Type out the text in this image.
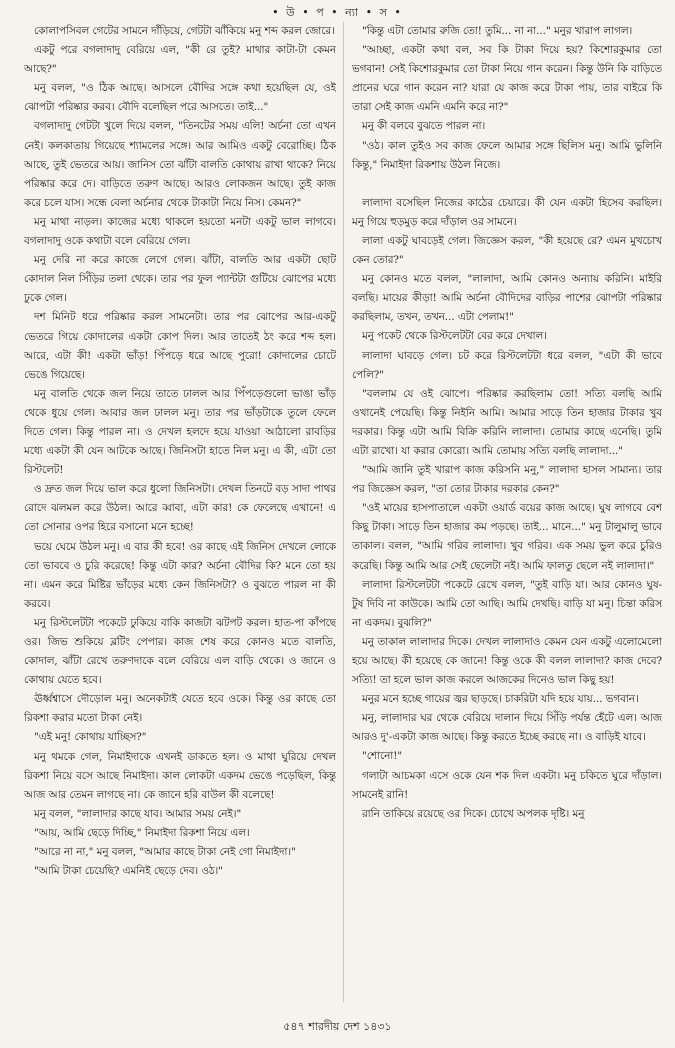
• উ • প • ন্যা • স •

কোলাপসিবল গেটের সামনে দাঁড়িয়ে, গেটটা ঝাঁকিয়ে মনু শব্দ করল জোরে।

একটু পরে বগলাদাদু বেরিয়ে এল, "কী রে তুই? মাথার কাটা-টা কেমন আছে?"

মনু বলল, "ও ঠিক আছে। আসলে বৌদির সঙ্গে কথা হয়েছিল যে, ওই ঝোপটা পরিষ্কার করব। বৌদি বলেছিল পরে আসতে। তাই..."

বগলাদাদু গেটটা খুলে দিয়ে বলল, "তিনটের সময় এলি! অর্চনা তো এখন নেই। কলকাতায় গিয়েছে শ্যামলের সঙ্গে। আর আমিও একটু বেরোচ্ছি। ঠিক আছে, তুই ভেতরে আয়। জানিস তো ঝাঁটা বালতি কোথায় রাখা থাকে? নিয়ে পরিষ্কার করে দে। বাড়িতে তরুণ আছে। আরও লোকজন আছে। তুই কাজ করে চলে যাস। সন্ধে বেলা অর্চনার থেকে টাকাটা নিয়ে নিস। কেমন?"

মনু মাথা নাড়ল। কাজের মধ্যে থাকলে হয়তো মনটা একটু ভাল লাগবে। বগলাদাদু ওকে কথাটা বলে বেরিয়ে গেল।

মনু দেরি না করে কাজে লেগে গেল। ঝাঁটা, বালতি আর একটা ছোট কোদাল নিল সিঁড়ির তলা থেকে। তার পর ফুল প্যান্টটা গুটিয়ে ঝোপের মধ্যে ঢুকে গেল।

দশ মিনিট ধরে পরিষ্কার করল সামনেটা। তার পর ঝোপের আর-একটু ভেতরে গিয়ে কোদালের একটা কোপ দিল। আর তাতেই ঠং করে শব্দ হল। আরে, এটা কী! একটা ভাঁড়! পিঁপড়ে ধরে আছে পুরো! কোদালের চোটে ভেঙে গিয়েছে।

মনু বালতি থেকে জল নিয়ে তাতে ঢালল আর পিঁপড়েগুলো ভাঙা ভাঁড় থেকে ধুয়ে গেল। আবার জল ঢালল মনু। তার পর ভাঁড়টাকে তুলে ফেলে দিতে গেল। কিন্তু পারল না। ও দেখল হলদে হয়ে যাওয়া আঠালো রাবড়ির মধ্যে একটা কী যেন আটকে আছে। জিনিসটা হাতে নিল মনু। এ কী, এটা তো রিস্টলেট!

ও দ্রুত জল দিয়ে ভাল করে ধুলো জিনিসটা। দেখল তিনটে বড় সাদা পাথর রোদে ঝলমল করে উঠল। আরে ব্বাবা, এটা কার! কে ফেলেছে এখানে! এ তো সোনার ওপর হিরে বসানো মনে হচ্ছে!

ভয়ে ঘেমে উঠল মনু। এ বার কী হবে! ওর কাছে এই জিনিস দেখলে লোকে তো ভাববে ও চুরি করেছে! কিন্তু এটা কার? অর্চনা বৌদির কি? মনে তো হয় না। এমন করে মিষ্টির ভাঁড়ের মধ্যে কেন জিনিসটা? ও বুঝতে পারল না কী করবে।

মনু রিস্টলেটটা পকেটে ঢুকিয়ে বাকি কাজটা ঝটপট করল। হাত-পা কাঁপছে ওর। জিভ শুকিয়ে ব্লটিং পেপার। কাজ শেষ করে কোনও মতে বালতি, কোদাল, ঝাঁটা রেখে তরুণদাকে বলে বেরিয়ে এল বাড়ি থেকে। ও জানে ও কোথায় যেতে হবে।

ঊর্ধ্বশ্বাসে দৌড়োল মনু। অনেকটাই যেতে হবে ওকে। কিন্তু ওর কাছে তো রিকশা করার মতো টাকা নেই।

"এই মনু! কোথায় যাচ্ছিস?"

মনু থমকে গেল, নিমাইদাকে এখনই ডাকতে হল। ও মাথা ঘুরিয়ে দেখল রিকশা নিয়ে বসে আছে নিমাইদা। কাল লোকটা একদম ভেঙে পড়েছিল, কিন্তু আজ আর তেমন লাগছে না। কে জানে হরি বাউল কী বলেছে!

মনু বলল, "লালাদার কাছে যাব। আমার সময় নেই।"

"আয়, আমি ছেড়ে দিচ্ছি," নিমাইদা রিকশা নিয়ে এল।

"আরে না না," মনু বলল, "আমার কাছে টাকা নেই গো নিমাইদা।"

"আমি টাকা চেয়েছি? এমনিই ছেড়ে দেব। ওঠ।"

"কিন্তু এটা তোমার রুজি তো! তুমি... না না..." মনুর খারাপ লাগল।

"আচ্ছা, একটা কথা বল, সব কি টাকা দিয়ে হয়? কিশোরকুমার তো ভগবান! সেই কিশোরকুমার তো টাকা নিয়ে গান করেন। কিন্তু উনি কি বাড়িতে প্রানের ঘরে গান করেন না? যারা যে কাজ করে টাকা পায়, তার বাইরে কি তারা সেই কাজ এমনি এমনি করে না?"

মনু কী বলবে বুঝতে পারল না।

"ওঠ। কাল তুইও সব কাজ ফেলে আমার সঙ্গে ছিলিস মনু। আমি ভুলিনি কিন্তু," নিমাইদা রিকশায় উঠল নিজে।

লালাদা বসেছিল নিজের কাঠের চেয়ারে। কী যেন একটা হিসেব করছিল। মনু গিয়ে হুড়মুড় করে দাঁড়াল ওর সামনে।

লালা একটু ঘাবড়েই গেল। জিজ্ঞেস করল, "কী হয়েছে রে? এমন মুখচোখ কেন তোর?"

মনু কোনও মতে বলল, "লালাদা, আমি কোনও অন্যায় করিনি। মাইরি বলছি। মায়ের কীড়া! আমি অর্চনা বৌদিদের বাড়ির পাশের ঝোপটা পরিষ্কার করছিলাম, তখন, তখন... এটা পেলাম!"

মনু পকেট থেকে রিস্টলেটটা বের করে দেখাল।

লালাদা ঘাবড়ে গেল। চট করে রিস্টলেটটা ধরে বলল, "এটা কী ভাবে পেলি?"

"বললাম যে ওই ঝোপে। পরিষ্কার করছিলাম তো! সত্যি বলছি আমি ওখানেই পেয়েছি। কিন্তু নিইনি আমি। আমার সাড়ে তিন হাজার টাকার খুব দরকার। কিন্তু এটা আমি বিক্রি করিনি লালাদা। তোমার কাছে এনেছি। তুমি এটা রাখো। যা করার কোরো। আমি তোমায় সত্যি বলছি লালাদা..."

"আমি জানি তুই খারাপ কাজ করিসনি মনু," লালাদা হাসল সামান্য। তার পর জিজ্ঞেস করল, "তা তোর টাকার দরকার কেন?"

"ওই মায়ের হাসপাতালে একটা ওয়ার্ড বয়ের কাজ আছে। ঘুষ লাগবে বেশ কিছু টাকা। সাড়ে তিন হাজার কম পড়ছে। তাই... মানে..." মনু টালুমালু ভাবে তাকাল। বলল, "আমি গরিব লালাদা। খুব গরিব। এক সময় ভুল করে চুরিও করেছি। কিন্তু আমি আর সেই ছেলেটা নই। আমি ফালতু ছেলে নই লালাদা।"

লালাদা রিস্টলেটটা পকেটে রেখে বলল, "তুই বাড়ি যা। আর কোনও ঘুষ-টুষ দিবি না কাউকে। আমি তো আছি। আমি দেখছি। বাড়ি যা মনু। চিন্তা করিস না একদম। বুঝলি?"

মনু তাকাল লালাদার দিকে। দেখল লালাদাও কেমন যেন একটু এলোমেলো হয়ে আছে। কী হয়েছে কে জানে! কিন্তু ওকে কী বলল লালাদা? কাজ দেবে? সত্যি! তা হলে ভাল কাজ করলে আজকের দিনেও ভাল কিছু হয়!

মনুর মনে হচ্ছে গায়ের জ্বর ছাড়ছে। চাকরিটা যদি হয়ে যায়... ভগবান।

মনু, লালাদার ঘর থেকে বেরিয়ে দালান দিয়ে সিঁড়ি পর্যন্ত হেঁটে এল। আজ আরও দু'-একটা কাজ আছে। কিন্তু করতে ইচ্ছে করছে না। ও বাড়িই যাবে।

"শোনো!"

গলাটা আচমকা এসে ওকে যেন শক দিল একটা। মনু চকিতে ঘুরে দাঁড়াল। সামনেই রানি!

রানি তাকিয়ে রয়েছে ওর দিকে। চোখে অপলক দৃষ্টি। মনু

৫৪৭ শারদীয় দেশ ১৪৩১
